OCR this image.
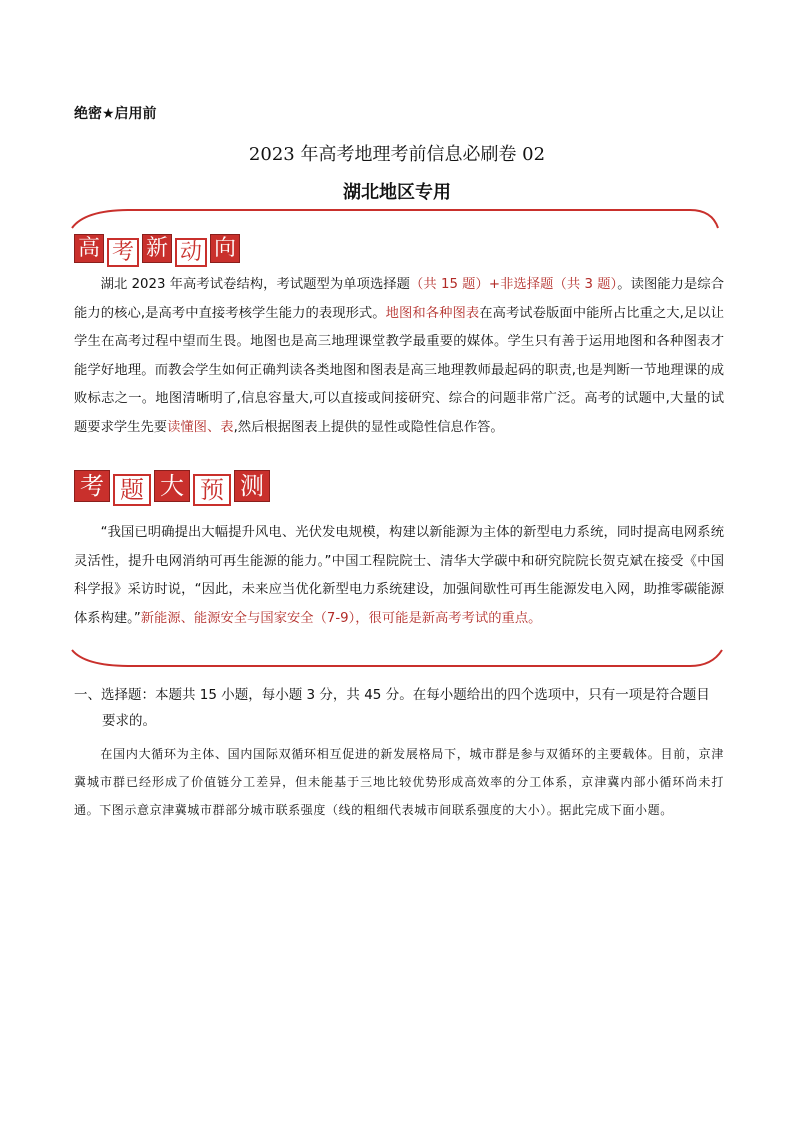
绝密★启用前
2023 年高考地理考前信息必刷卷 02
湖北地区专用
高 考 新 动 向
湖北 2023 年高考试卷结构，考试题型为单项选择题（共 15 题）+非选择题（共 3 题）。读图能力是综合能力的核心,是高考中直接考核学生能力的表现形式。地图和各种图表在高考试卷版面中能所占比重之大,足以让学生在高考过程中望而生畏。地图也是高三地理课堂教学最重要的媒体。学生只有善于运用地图和各种图表才能学好地理。而教会学生如何正确判读各类地图和图表是高三地理教师最起码的职责,也是判断一节地理课的成败标志之一。地图清晰明了,信息容量大,可以直接或间接研究、综合的问题非常广泛。高考的试题中,大量的试题要求学生先要读懂图、表,然后根据图表上提供的显性或隐性信息作答。
考 题 大 预 测
“我国已明确提出大幅提升风电、光伏发电规模，构建以新能源为主体的新型电力系统，同时提高电网系统灵活性，提升电网消纳可再生能源的能力。”中国工程院院士、清华大学碳中和研究院院长贺克斌在接受《中国科学报》采访时说，“因此，未来应当优化新型电力系统建设，加强间歇性可再生能源发电入网，助推零碳能源体系构建。”新能源、能源安全与国家安全（7-9），很可能是新高考考试的重点。
一、选择题：本题共 15 小题，每小题 3 分，共 45 分。在每小题给出的四个选项中，只有一项是符合题目
要求的。
在国内大循环为主体、国内国际双循环相互促进的新发展格局下，城市群是参与双循环的主要载体。目前，京津冀城市群已经形成了价值链分工差异，但未能基于三地比较优势形成高效率的分工体系，京津冀内部小循环尚未打通。下图示意京津冀城市群部分城市联系强度（线的粗细代表城市间联系强度的大小）。据此完成下面小题。
